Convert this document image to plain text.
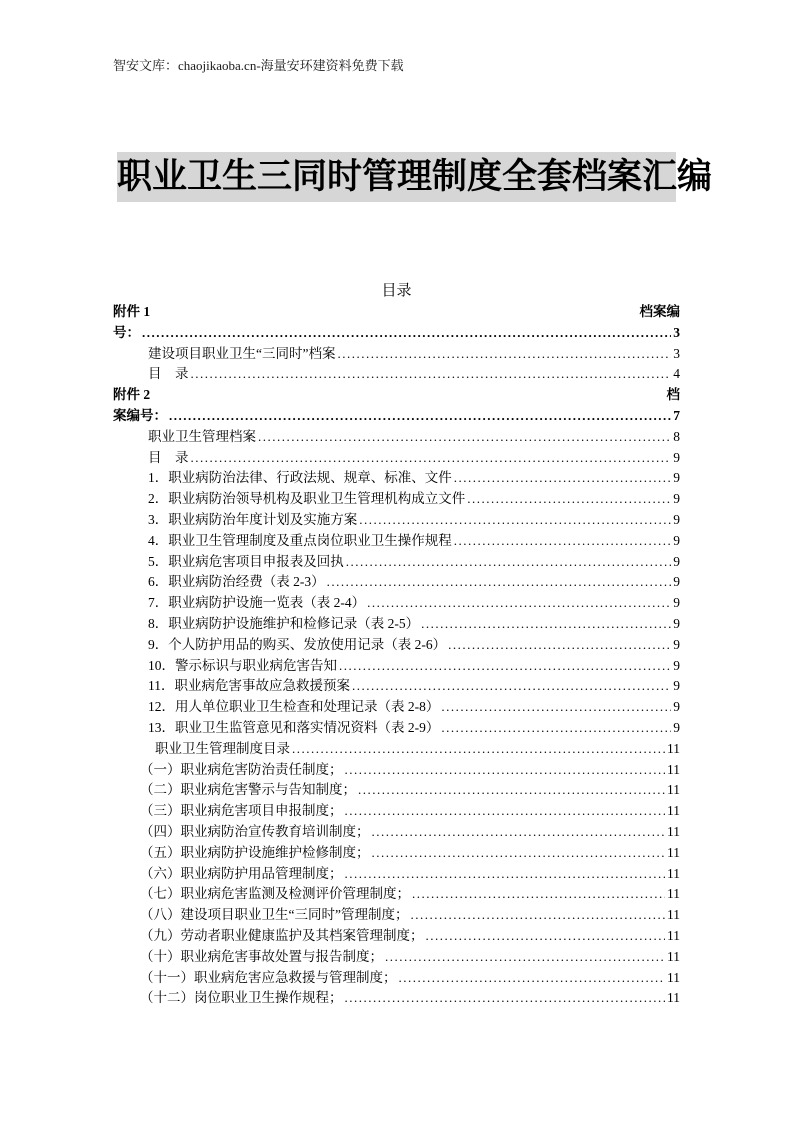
智安文库：chaojikaoba.cn-海量安环建资料免费下载
职业卫生三同时管理制度全套档案汇编
目录
附件 1	档案编
号： .....	3
建设项目职业卫生“三同时”档案 .....	3
目　录 .....	4
附件 2	档
案编号： .....	7
职业卫生管理档案 .....	8
目　录 .....	9
1．职业病防治法律、行政法规、规章、标准、文件 .....	9
2．职业病防治领导机构及职业卫生管理机构成立文件 .....	9
3．职业病防治年度计划及实施方案 .....	9
4．职业卫生管理制度及重点岗位职业卫生操作规程 .....	9
5．职业病危害项目申报表及回执 .....	9
6．职业病防治经费（表 2-3） .....	9
7．职业病防护设施一览表（表 2-4） .....	9
8．职业病防护设施维护和检修记录（表 2-5） .....	9
9．个人防护用品的购买、发放使用记录（表 2-6） .....	9
10．警示标识与职业病危害告知 .....	9
11．职业病危害事故应急救援预案 .....	9
12．用人单位职业卫生检查和处理记录（表 2-8） .....	9
13．职业卫生监管意见和落实情况资料（表 2-9） .....	9
职业卫生管理制度目录 .....	11
（一）职业病危害防治责任制度； .....	11
（二）职业病危害警示与告知制度； .....	11
（三）职业病危害项目申报制度； .....	11
（四）职业病防治宣传教育培训制度； .....	11
（五）职业病防护设施维护检修制度； .....	11
（六）职业病防护用品管理制度； .....	11
（七）职业病危害监测及检测评价管理制度； .....	11
（八）建设项目职业卫生“三同时”管理制度； .....	11
（九）劳动者职业健康监护及其档案管理制度； .....	11
（十）职业病危害事故处置与报告制度； .....	11
（十一）职业病危害应急救援与管理制度； .....	11
（十二）岗位职业卫生操作规程； .....	11
